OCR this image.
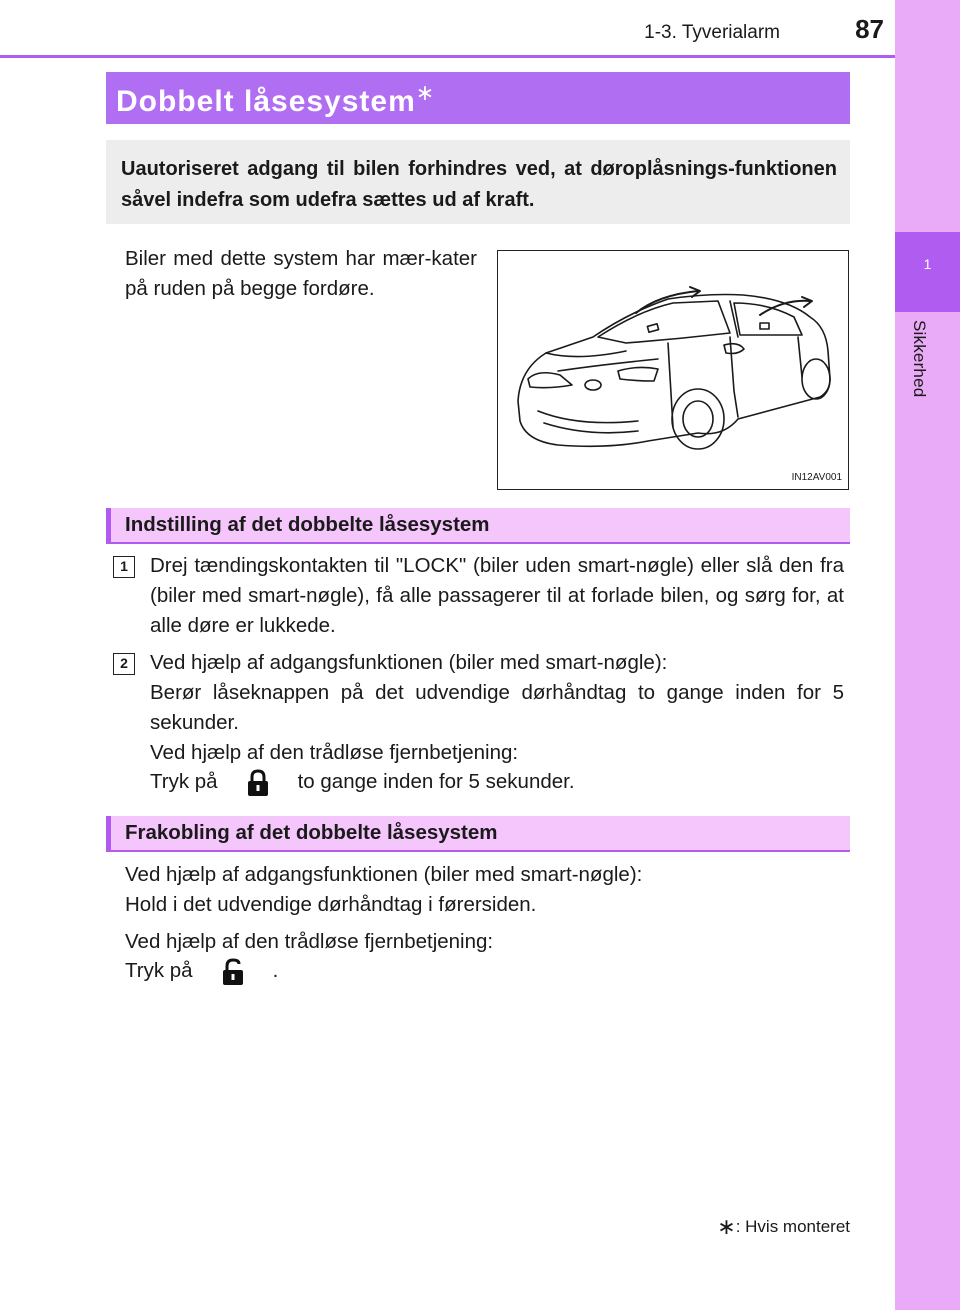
1
Sikkerhed
1-3. Tyverialarm	87
Dobbelt låsesystem∗

Uautoriseret adgang til bilen forhindres ved, at døroplåsnings-funktionen såvel indefra som udefra sættes ud af kraft.

Biler med dette system har mær-kater på ruden på begge fordøre.

IN12AV001
Indstilling af det dobbelte låsesystem
1	Drej tændingskontakten til "LOCK" (biler uden smart-nøgle) eller slå den fra (biler med smart-nøgle), få alle passagerer til at forlade bilen, og sørg for, at alle døre er lukkede.

2	Ved hjælp af adgangsfunktionen (biler med smart-nøgle):

Berør låseknappen på det udvendige dørhåndtag to gange inden for 5 sekunder.

Ved hjælp af den trådløse fjernbetjening:

Tryk på	to gange inden for 5 sekunder.

Frakobling af det dobbelte låsesystem

Ved hjælp af adgangsfunktionen (biler med smart-nøgle):

Hold i det udvendige dørhåndtag i førersiden.

Ved hjælp af den trådløse fjernbetjening:

Tryk på	.

∗: Hvis monteret
